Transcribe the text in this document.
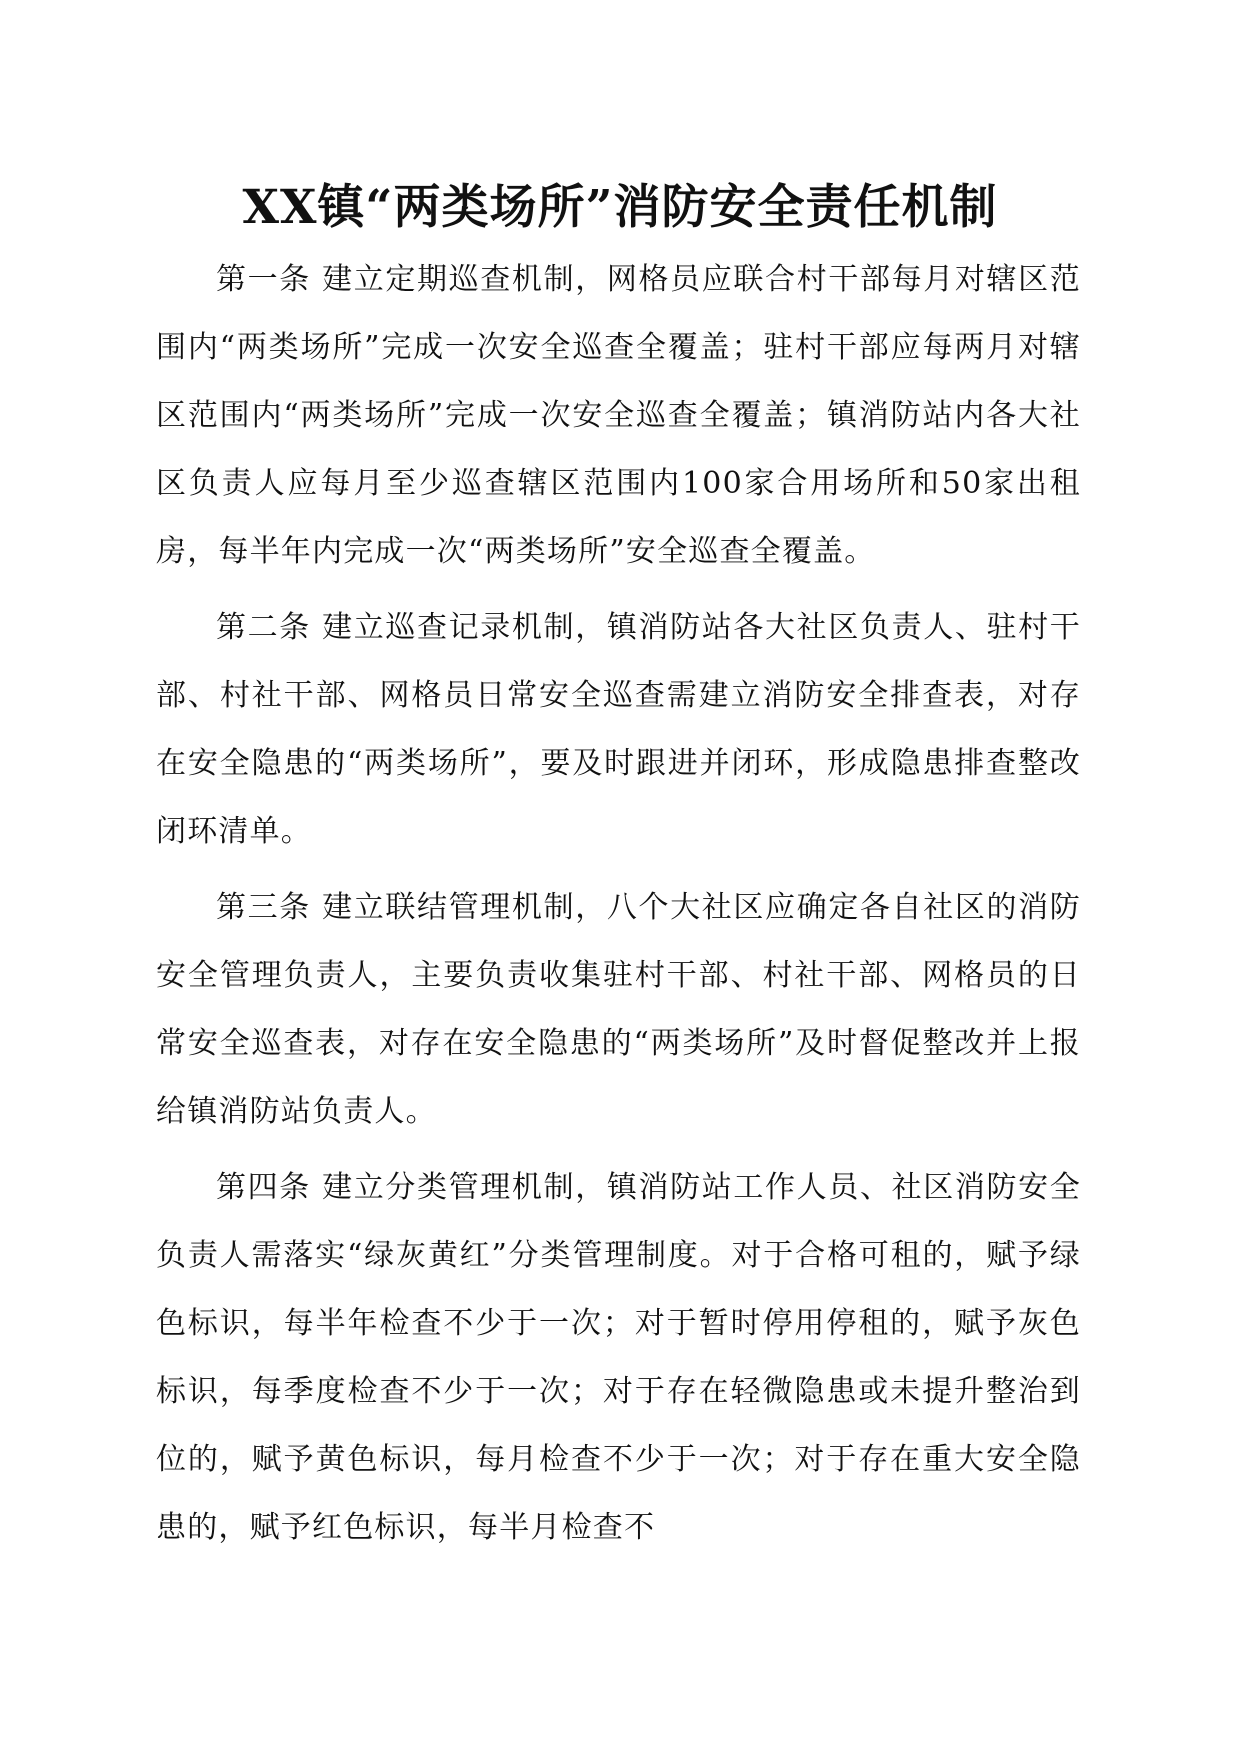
XX镇“两类场所”消防安全责任机制

第一条 建立定期巡查机制，网格员应联合村干部每月对辖区范围内“两类场所”完成一次安全巡查全覆盖；驻村干部应每两月对辖区范围内“两类场所”完成一次安全巡查全覆盖；镇消防站内各大社区负责人应每月至少巡查辖区范围内100家合用场所和50家出租房，每半年内完成一次“两类场所”安全巡查全覆盖。

第二条 建立巡查记录机制，镇消防站各大社区负责人、驻村干部、村社干部、网格员日常安全巡查需建立消防安全排查表，对存在安全隐患的“两类场所”，要及时跟进并闭环，形成隐患排查整改闭环清单。

第三条 建立联结管理机制，八个大社区应确定各自社区的消防安全管理负责人，主要负责收集驻村干部、村社干部、网格员的日常安全巡查表，对存在安全隐患的“两类场所”及时督促整改并上报给镇消防站负责人。

第四条 建立分类管理机制，镇消防站工作人员、社区消防安全负责人需落实“绿灰黄红”分类管理制度。对于合格可租的，赋予绿色标识，每半年检查不少于一次；对于暂时停用停租的，赋予灰色标识，每季度检查不少于一次；对于存在轻微隐患或未提升整治到位的，赋予黄色标识，每月检查不少于一次；对于存在重大安全隐患的，赋予红色标识，每半月检查不
